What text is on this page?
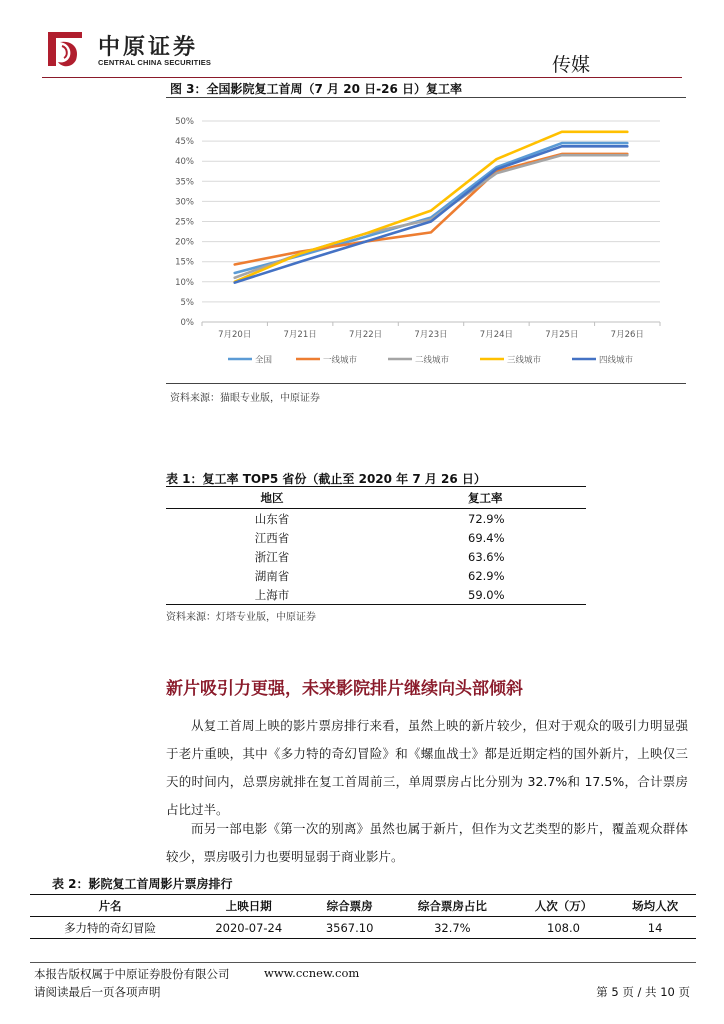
中原证券
CENTRAL CHINA SECURITIES	传媒
图 3：全国影院复工首周（7 月 20 日-26 日）复工率
0%
5%
10%
15%
20%
25%
30%
35%
40%
45%
50%
7月20日	7月21日	7月22日	7月23日	7月24日	7月25日	7月26日
全国	一线城市	二线城市	三线城市	四线城市
资料来源：猫眼专业版，中原证券
表 1：复工率 TOP5 省份（截止至 2020 年 7 月 26 日）
地区	复工率
山东省	72.9%
江西省	69.4%
浙江省	63.6%
湖南省	62.9%
上海市	59.0%
资料来源：灯塔专业版，中原证券
新片吸引力更强，未来影院排片继续向头部倾斜
从复工首周上映的影片票房排行来看，虽然上映的新片较少，但对于观众的吸引力明显强于老片重映，其中《多力特的奇幻冒险》和《螺血战士》都是近期定档的国外新片，上映仅三天的时间内，总票房就排在复工首周前三，单周票房占比分别为 32.7%和 17.5%，合计票房占比过半。
而另一部电影《第一次的别离》虽然也属于新片，但作为文艺类型的影片，覆盖观众群体较少，票房吸引力也要明显弱于商业影片。
表 2：影院复工首周影片票房排行
片名	上映日期	综合票房	综合票房占比	人次（万）	场均人次
多力特的奇幻冒险	2020-07-24	3567.10	32.7%	108.0	14
本报告版权属于中原证券股份有限公司	www.ccnew.com
请阅读最后一页各项声明	第 5 页 / 共 10 页
